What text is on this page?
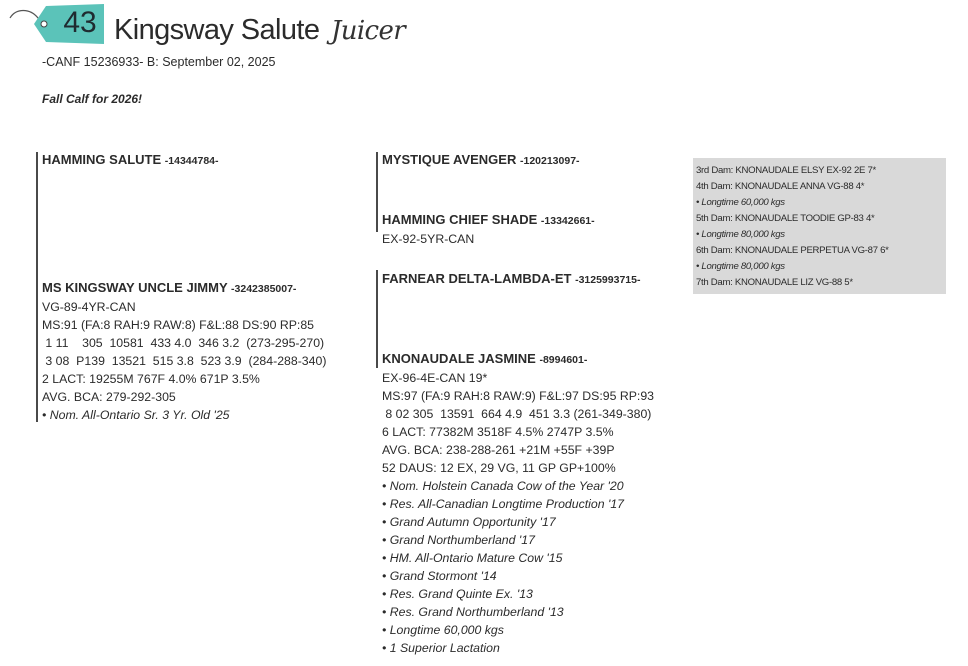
43 Kingsway Salute Juicer
-CANF 15236933- B: September 02, 2025
Fall Calf for 2026!
HAMMING SALUTE -14344784-
MS KINGSWAY UNCLE JIMMY -3242385007-
VG-89-4YR-CAN
MS:91 (FA:8 RAH:9 RAW:8) F&L:88 DS:90 RP:85
1 11    305  10581  433 4.0  346 3.2  (273-295-270)
3 08  P139  13521  515 3.8  523 3.9  (284-288-340)
2 LACT: 19255M 767F 4.0% 671P 3.5%
AVG. BCA: 279-292-305
• Nom. All-Ontario Sr. 3 Yr. Old '25
MYSTIQUE AVENGER -120213097-
HAMMING CHIEF SHADE -13342661-
EX-92-5YR-CAN
FARNEAR DELTA-LAMBDA-ET -3125993715-
KNONAUDALE JASMINE -8994601-
EX-96-4E-CAN 19*
MS:97 (FA:9 RAH:8 RAW:9) F&L:97 DS:95 RP:93
8 02 305  13591  664 4.9  451 3.3 (261-349-380)
6 LACT: 77382M 3518F 4.5% 2747P 3.5%
AVG. BCA: 238-288-261 +21M +55F +39P
52 DAUS: 12 EX, 29 VG, 11 GP GP+100%
• Nom. Holstein Canada Cow of the Year '20
• Res. All-Canadian Longtime Production '17
• Grand Autumn Opportunity '17
• Grand Northumberland '17
• HM. All-Ontario Mature Cow '15
• Grand Stormont '14
• Res. Grand Quinte Ex. '13
• Res. Grand Northumberland '13
• Longtime 60,000 kgs
• 1 Superior Lactation
3rd Dam: KNONAUDALE ELSY EX-92 2E 7*
4th Dam: KNONAUDALE ANNA VG-88 4*
• Longtime 60,000 kgs
5th Dam: KNONAUDALE TOODIE GP-83 4*
• Longtime 80,000 kgs
6th Dam: KNONAUDALE PERPETUA VG-87 6*
• Longtime 80,000 kgs
7th Dam: KNONAUDALE LIZ VG-88 5*
